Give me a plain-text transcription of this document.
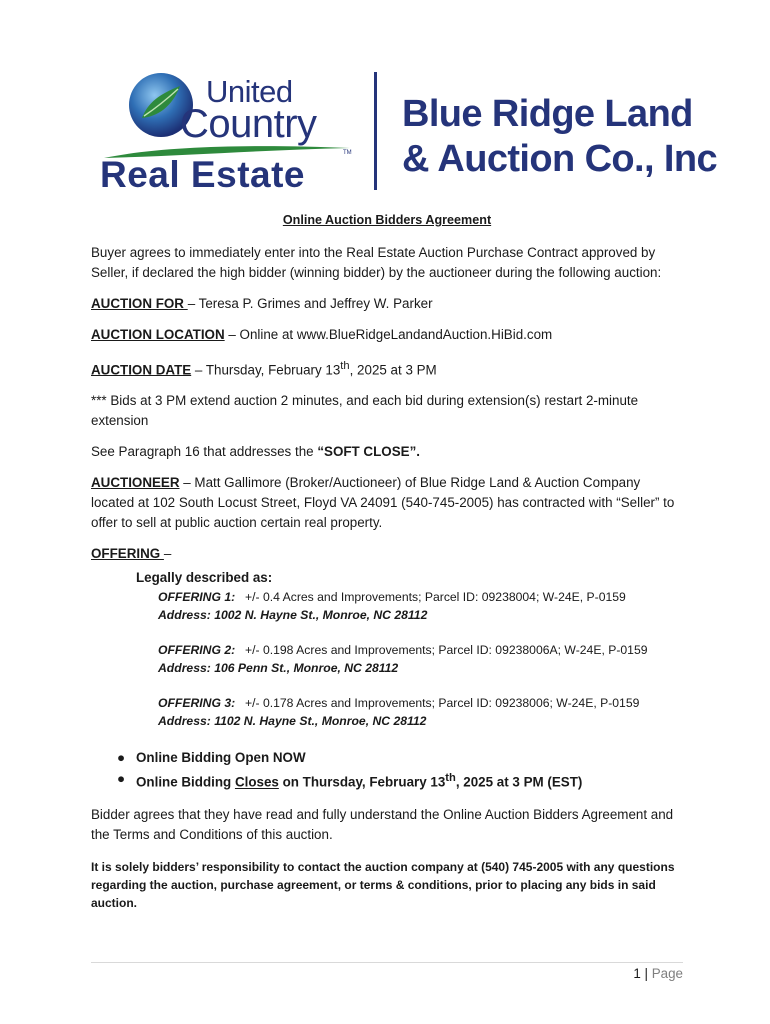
United
Country
Real Estate
TM
Blue Ridge Land
& Auction Co., Inc
Online Auction Bidders Agreement

Buyer agrees to immediately enter into the Real Estate Auction Purchase Contract approved by Seller, if declared the high bidder (winning bidder) by the auctioneer during the following auction:

AUCTION FOR – Teresa P. Grimes and Jeffrey W. Parker

AUCTION LOCATION – Online at www.BlueRidgeLandandAuction.HiBid.com

AUCTION DATE – Thursday, February 13th, 2025 at 3 PM

*** Bids at 3 PM extend auction 2 minutes, and each bid during extension(s) restart 2-minute extension

See Paragraph 16 that addresses the “SOFT CLOSE”.

AUCTIONEER – Matt Gallimore (Broker/Auctioneer) of Blue Ridge Land & Auction Company located at 102 South Locust Street, Floyd VA 24091 (540-745-2005) has contracted with “Seller” to offer to sell at public auction certain real property.

OFFERING –

Legally described as:
OFFERING 1: +/- 0.4 Acres and Improvements; Parcel ID: 09238004; W-24E, P-0159
Address: 1002 N. Hayne St., Monroe, NC 28112
OFFERING 2: +/- 0.198 Acres and Improvements; Parcel ID: 09238006A; W-24E, P-0159
Address: 106 Penn St., Monroe, NC 28112
OFFERING 3: +/- 0.178 Acres and Improvements; Parcel ID: 09238006; W-24E, P-0159
Address: 1102 N. Hayne St., Monroe, NC 28112
● Online Bidding Open NOW
● Online Bidding Closes on Thursday, February 13th, 2025 at 3 PM (EST)

Bidder agrees that they have read and fully understand the Online Auction Bidders Agreement and the Terms and Conditions of this auction.

It is solely bidders’ responsibility to contact the auction company at (540) 745-2005 with any questions regarding the auction, purchase agreement, or terms & conditions, prior to placing any bids in said auction.
1 | Page
